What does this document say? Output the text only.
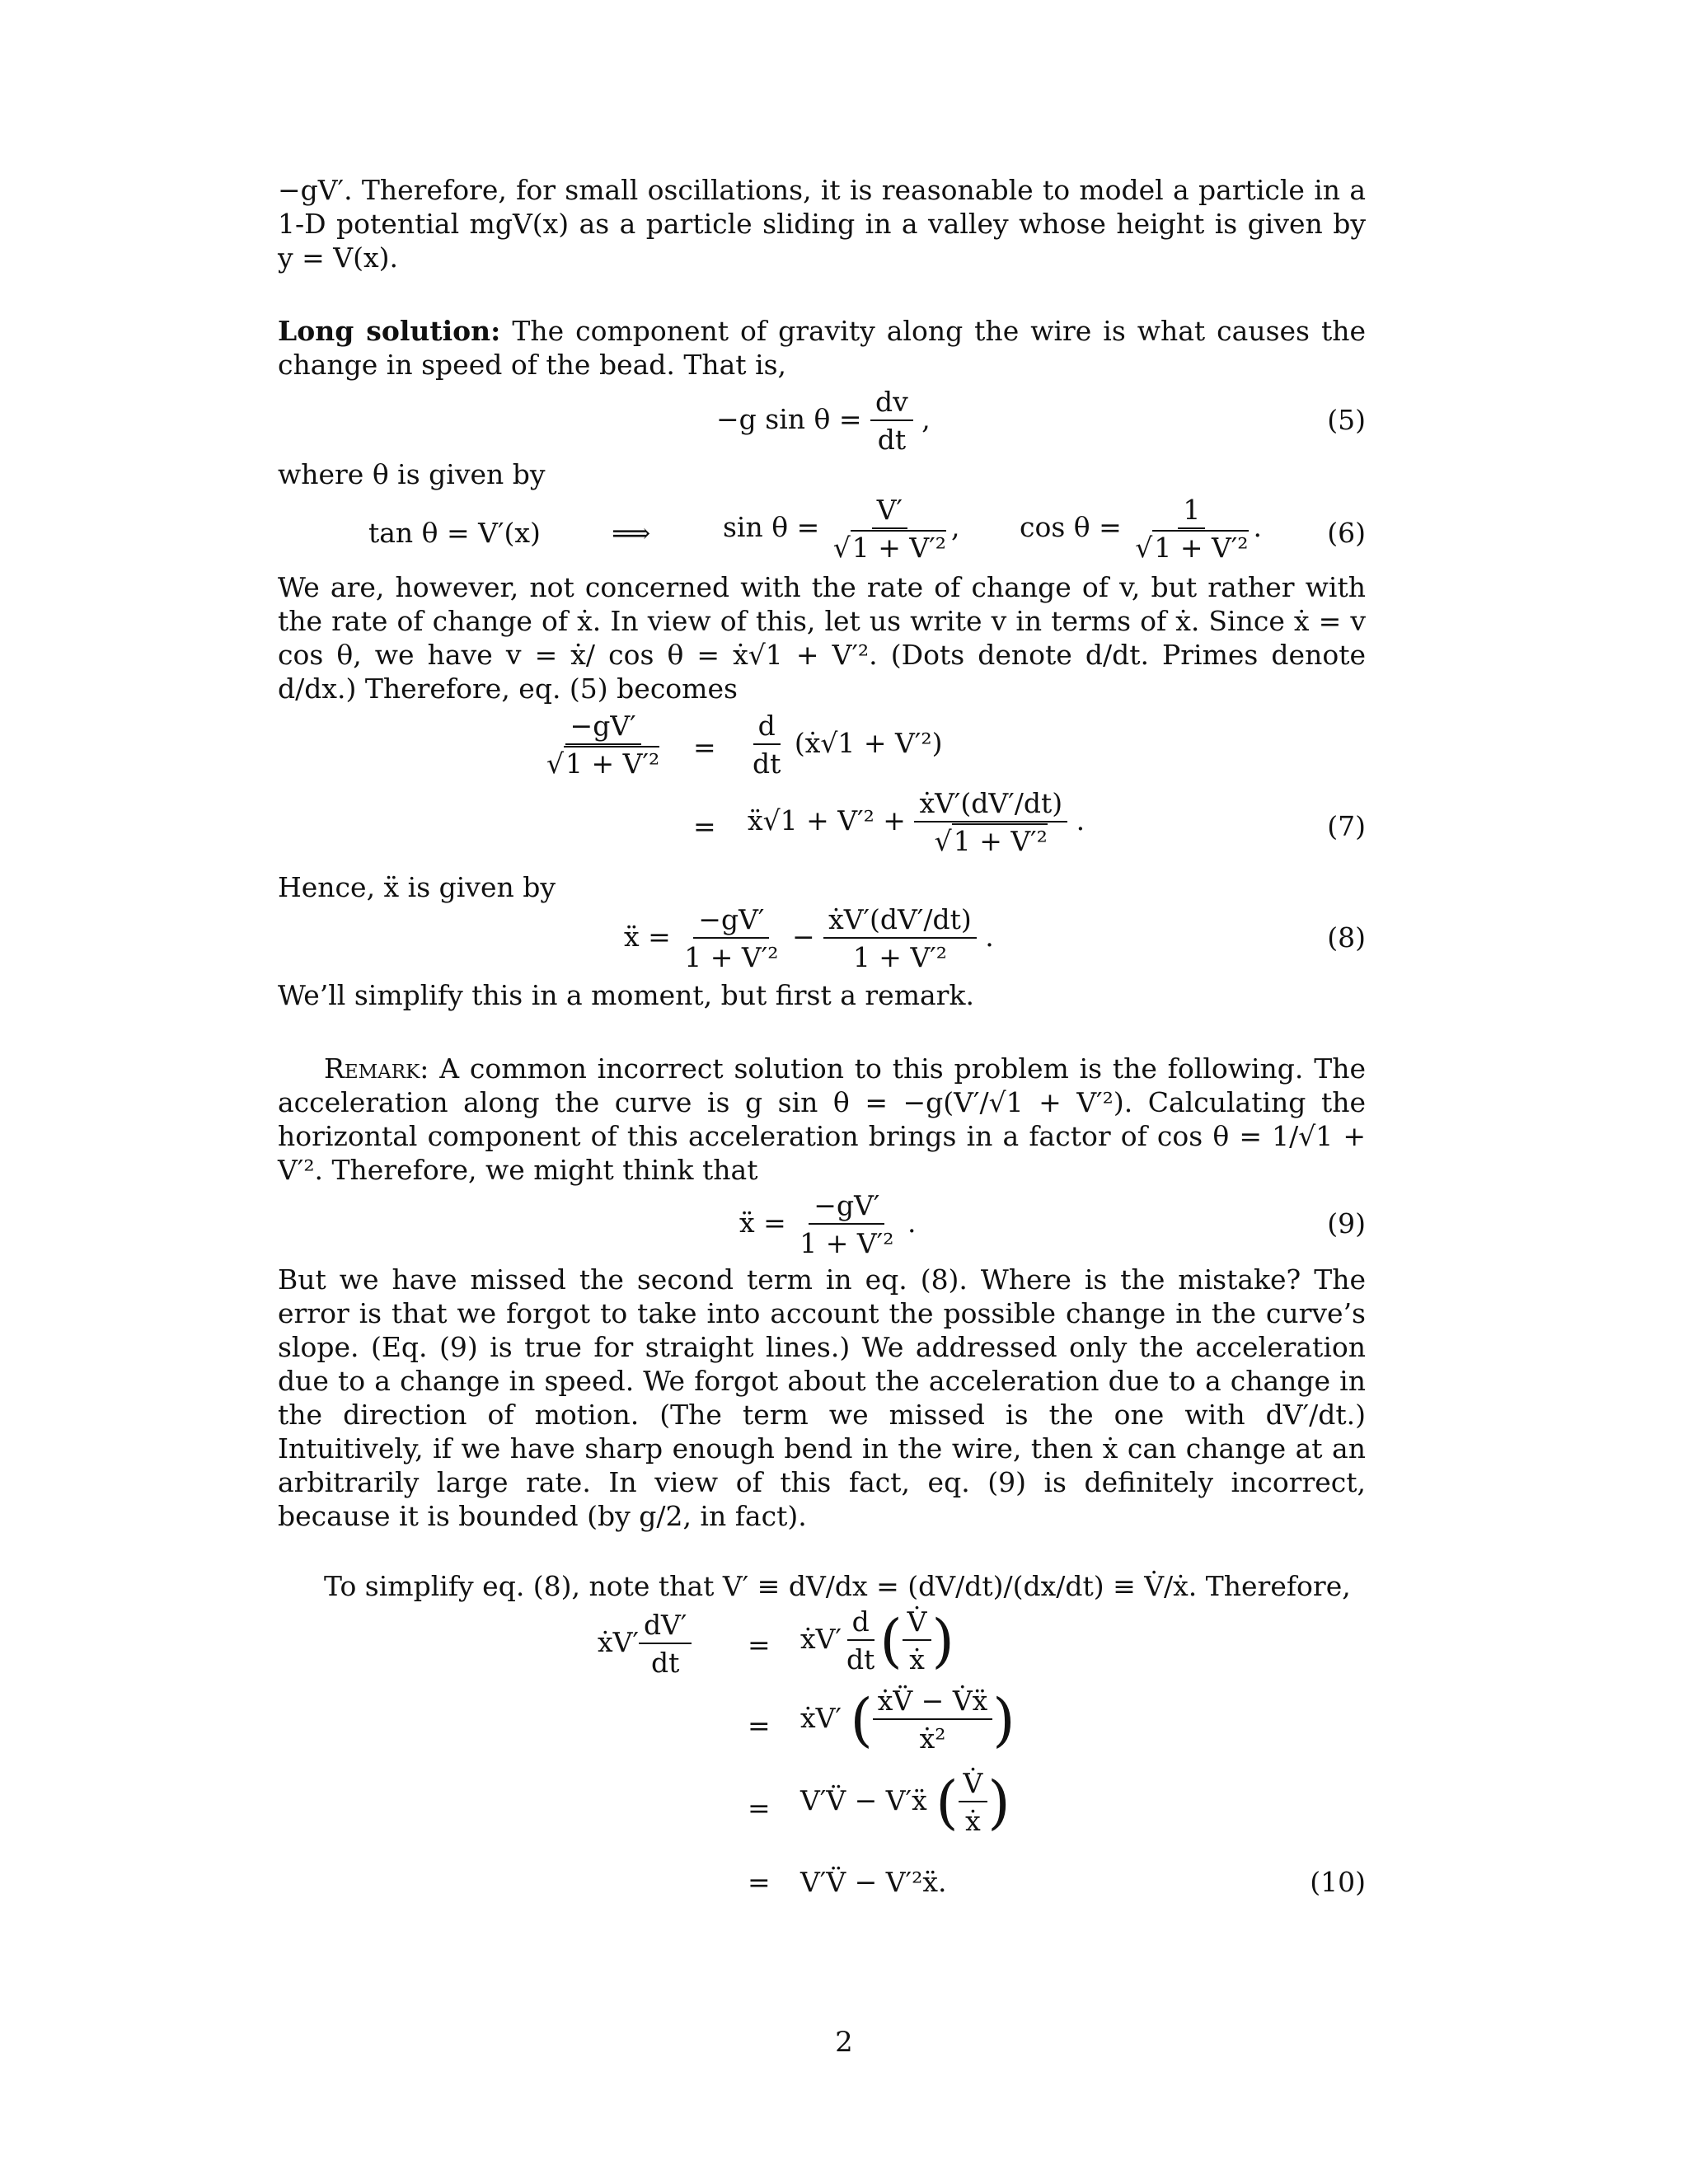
−gV′. Therefore, for small oscillations, it is reasonable to model a particle in a 1-D potential mgV(x) as a particle sliding in a valley whose height is given by y = V(x).

Long solution: The component of gravity along the wire is what causes the change in speed of the bead. That is,

−g $\sin \theta = \frac{dv}{dt}$ ,	(5)

where θ is given by

tan θ = V′(x)	⟹	$\sin \theta = \frac{V'}{\text{√1 + V′²}}$ , $\cos \theta = \frac{1}{\text{√1 + V′²}}$ . (6)

We are, however, not concerned with the rate of change of v, but rather with the rate of change of ẋ. In view of this, let us write v in terms of ẋ. Since ẋ = v cos θ, we have v = ẋ/ cos θ = ẋ√1 + V′². (Dots denote d/dt. Primes denote d/dx.) Therefore, eq. (5) becomes

$\frac{-gV'}{\text{√1 + V′²}} = \frac{d}{dt}$ (ẋ√1 + V′²)
= ẍ√1 + $V'^2 + \frac{\text{ẋV′(dV′/dt)}}{\text{√1 + V′²}}$ .	(7)

Hence, ẍ is given by

ẍ = $\frac{-gV'}{\text{1 + V′²}} - \frac{\text{ẋV′(dV′/dt)}}{\text{1 + V′²}}$ .	(8)

We’ll simplify this in a moment, but first a remark.

Remark: A common incorrect solution to this problem is the following. The acceleration along the curve is g sin θ = −g(V′/√1 + V′²). Calculating the horizontal component of this acceleration brings in a factor of cos θ = 1/√1 + V′². Therefore, we might think that

ẍ = $\frac{-gV'}{\text{1 + V′²}}$ .	(9)

But we have missed the second term in eq. (8). Where is the mistake? The error is that we forgot to take into account the possible change in the curve’s slope. (Eq. (9) is true for straight lines.) We addressed only the acceleration due to a change in speed. We forgot about the acceleration due to a change in the direction of motion. (The term we missed is the one with dV′/dt.) Intuitively, if we have sharp enough bend in the wire, then ẋ can change at an arbitrarily large rate. In view of this fact, eq. (9) is definitely incorrect, because it is bounded (by g/2, in fact).

To simplify eq. (8), note that V′ ≡ dV/dx = (dV/dt)/(dx/dt) ≡ V̇/ẋ. Therefore,

ẋV′ $\frac{dV'}{dt}$ = ẋV′ $\frac{d}{dt}$ ( $\frac{V̇}{\text{ẋ}}$ )
= ẋV′ ( $\frac{\text{ẋV̈ − V̇ẍ}}{\text{ẋ²}}$ )
= V′V̈ − V′ẍ ( $\frac{V̇}{\text{ẋ}}$ )
= V′V̈ − V′²ẍ.	(10)
2
